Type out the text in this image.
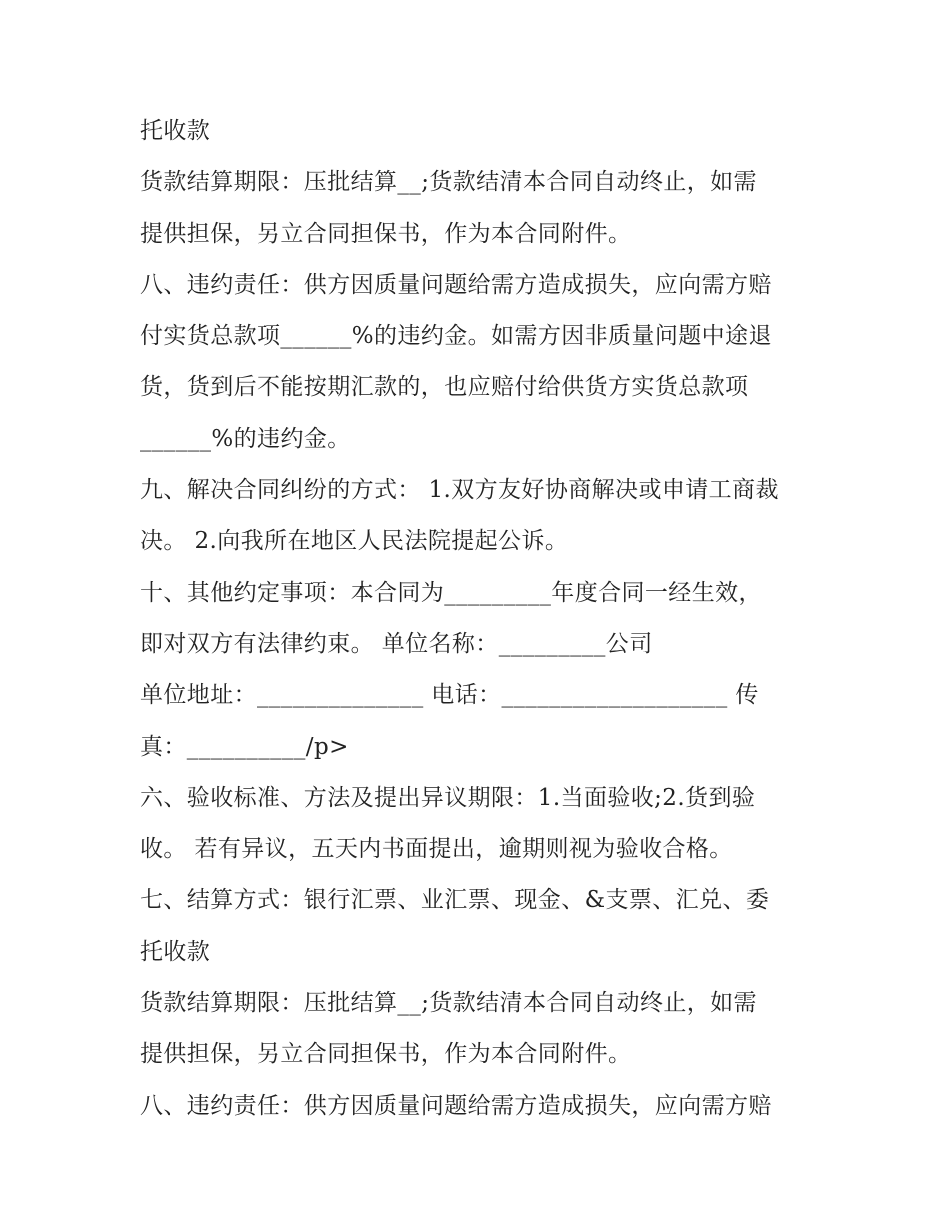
托收款
货款结算期限：压批结算__;货款结清本合同自动终止，如需
提供担保，另立合同担保书，作为本合同附件。
八、违约责任：供方因质量问题给需方造成损失，应向需方赔
付实货总款项______%的违约金。如需方因非质量问题中途退
货，货到后不能按期汇款的，也应赔付给供货方实货总款项
______%的违约金。
九、解决合同纠纷的方式： 1.双方友好协商解决或申请工商裁
决。 2.向我所在地区人民法院提起公诉。
十、其他约定事项：本合同为_________年度合同一经生效，
即对双方有法律约束。 单位名称：_________公司
单位地址：______________ 电话：___________________ 传
真：__________/p>
六、验收标准、方法及提出异议期限：1.当面验收;2.货到验
收。 若有异议，五天内书面提出，逾期则视为验收合格。
七、结算方式：银行汇票、业汇票、现金、&支票、汇兑、委
托收款
货款结算期限：压批结算__;货款结清本合同自动终止，如需
提供担保，另立合同担保书，作为本合同附件。
八、违约责任：供方因质量问题给需方造成损失，应向需方赔
